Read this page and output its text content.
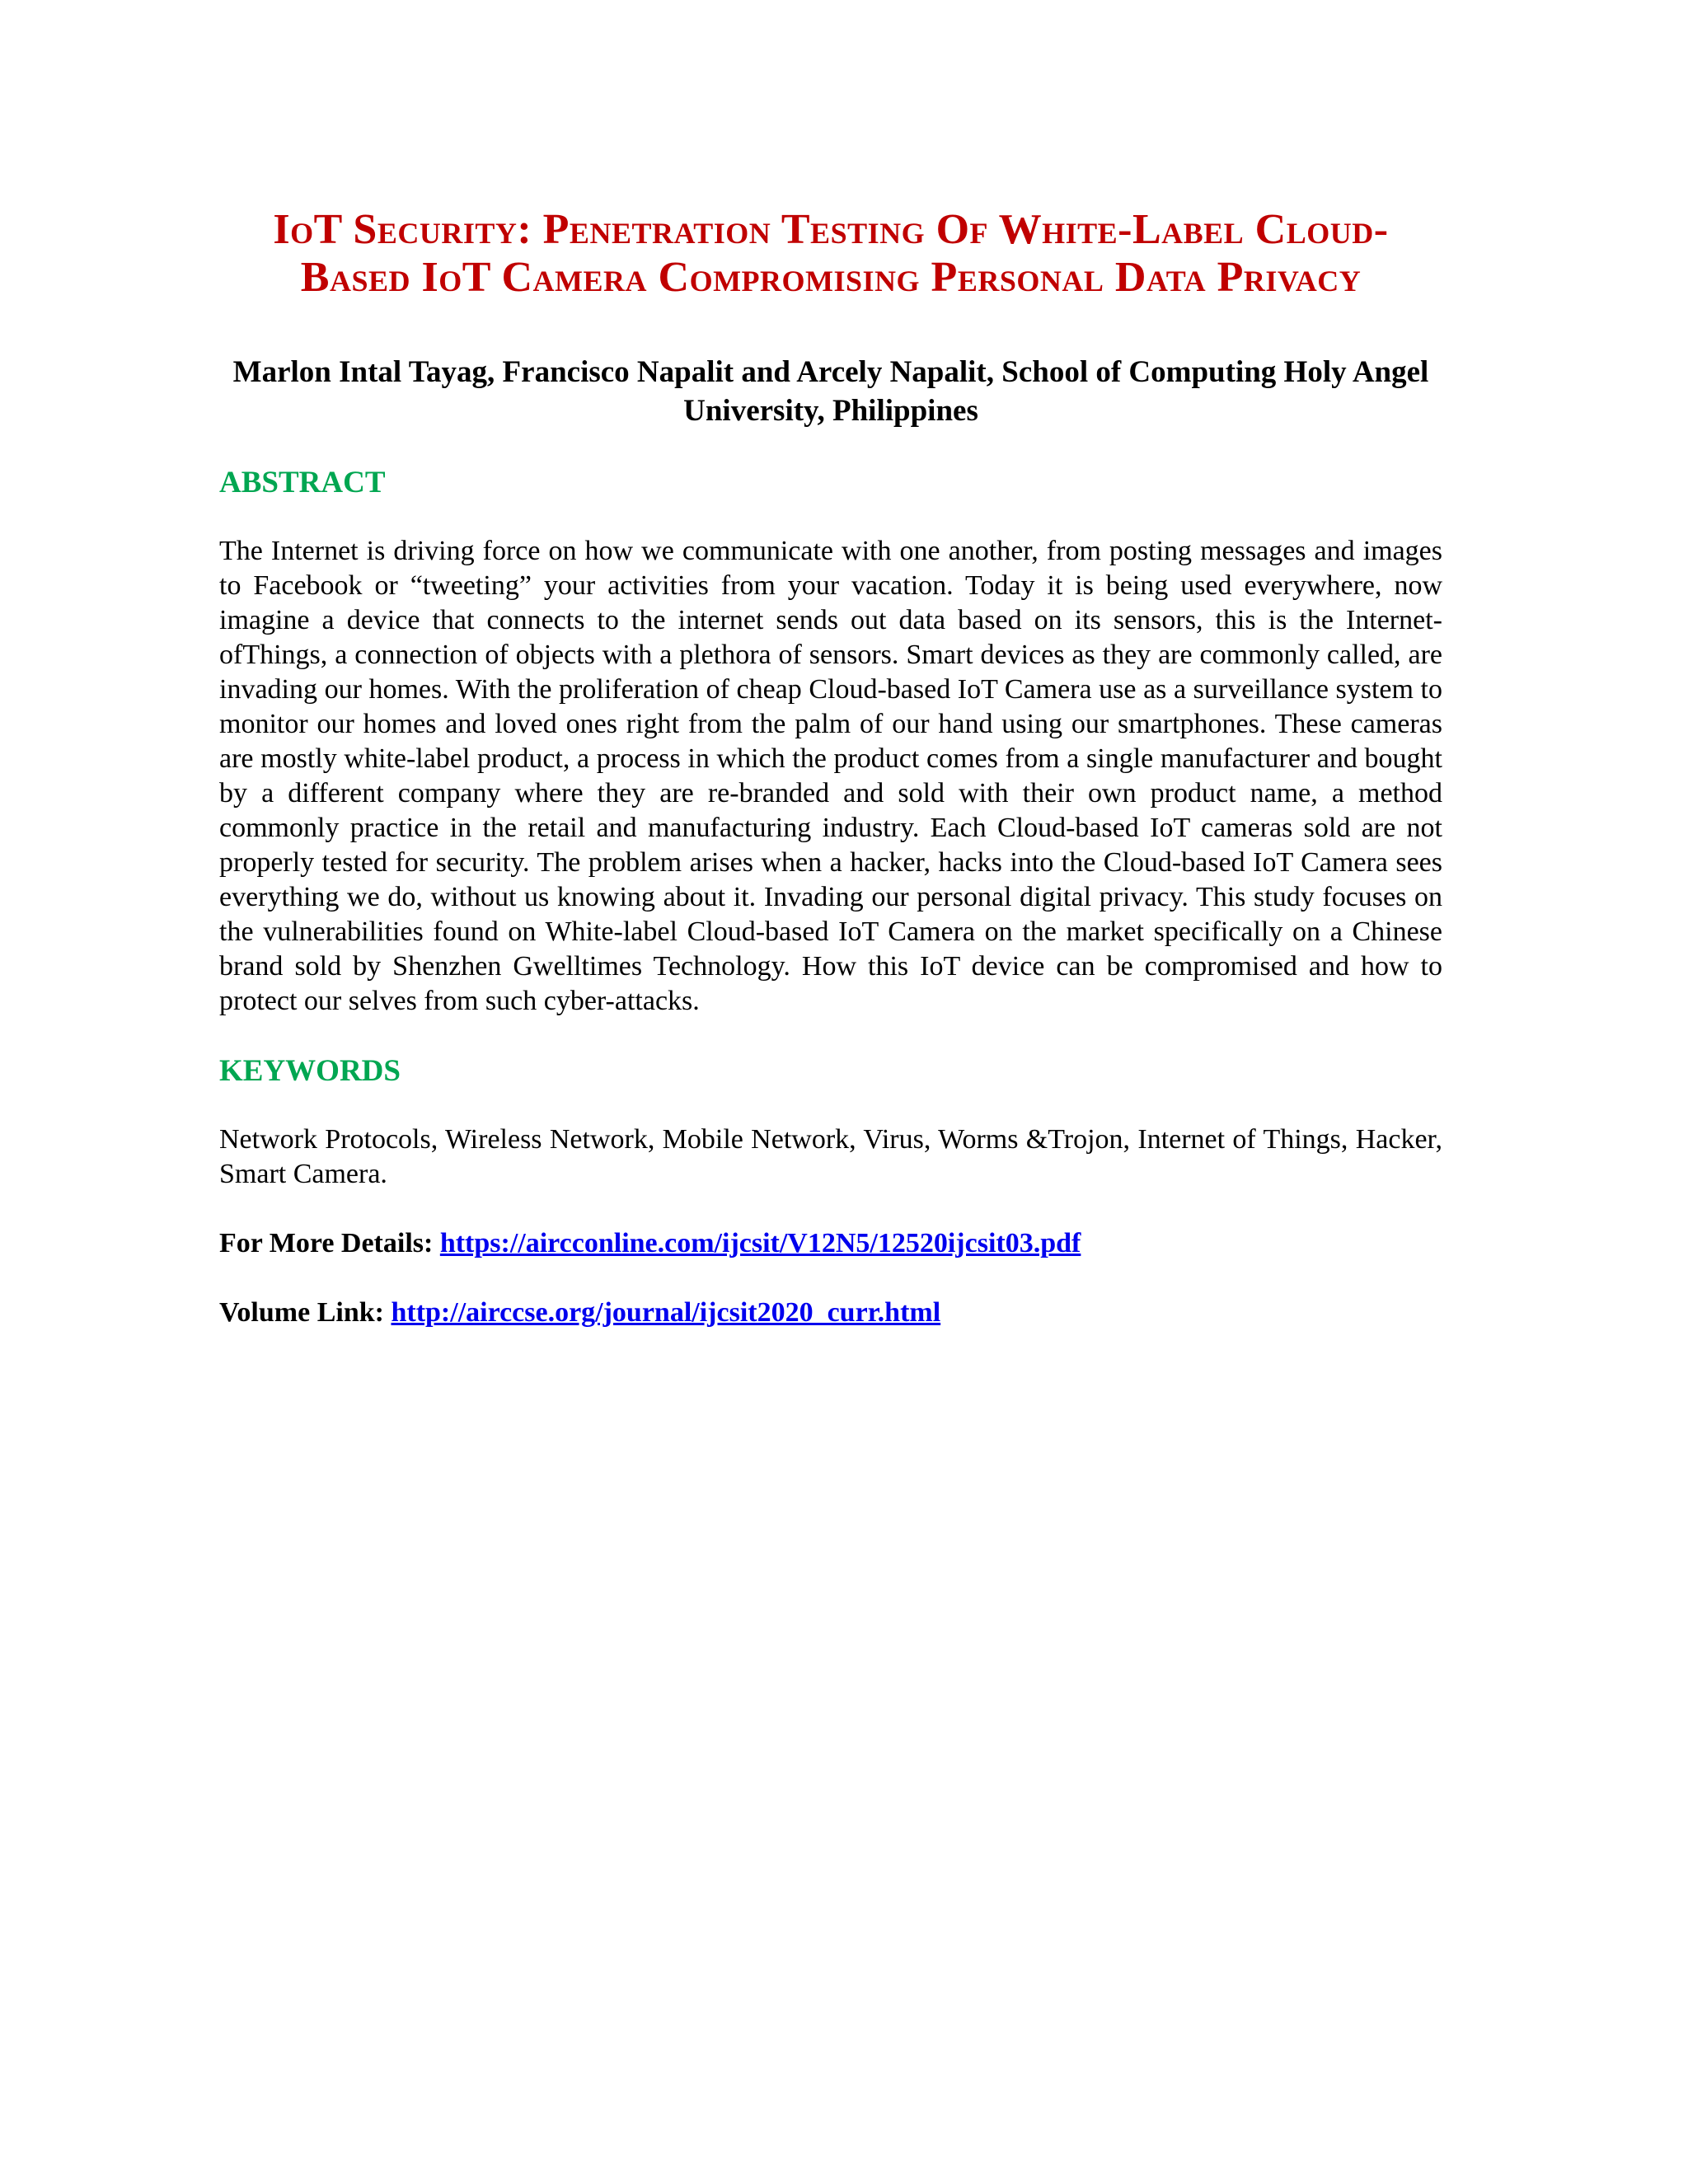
IoT Security: Penetration Testing Of White-Label Cloud-Based IoT Camera Compromising Personal Data Privacy

Marlon Intal Tayag, Francisco Napalit and Arcely Napalit, School of Computing Holy Angel University, Philippines

ABSTRACT

The Internet is driving force on how we communicate with one another, from posting messages and images to Facebook or “tweeting” your activities from your vacation. Today it is being used everywhere, now imagine a device that connects to the internet sends out data based on its sensors, this is the Internet-ofThings, a connection of objects with a plethora of sensors. Smart devices as they are commonly called, are invading our homes. With the proliferation of cheap Cloud-based IoT Camera use as a surveillance system to monitor our homes and loved ones right from the palm of our hand using our smartphones. These cameras are mostly white-label product, a process in which the product comes from a single manufacturer and bought by a different company where they are re-branded and sold with their own product name, a method commonly practice in the retail and manufacturing industry. Each Cloud-based IoT cameras sold are not properly tested for security. The problem arises when a hacker, hacks into the Cloud-based IoT Camera sees everything we do, without us knowing about it. Invading our personal digital privacy. This study focuses on the vulnerabilities found on White-label Cloud-based IoT Camera on the market specifically on a Chinese brand sold by Shenzhen Gwelltimes Technology. How this IoT device can be compromised and how to protect our selves from such cyber-attacks.

KEYWORDS

Network Protocols, Wireless Network, Mobile Network, Virus, Worms &Trojon, Internet of Things, Hacker, Smart Camera.

For More Details: https://aircconline.com/ijcsit/V12N5/12520ijcsit03.pdf

Volume Link: http://airccse.org/journal/ijcsit2020_curr.html
